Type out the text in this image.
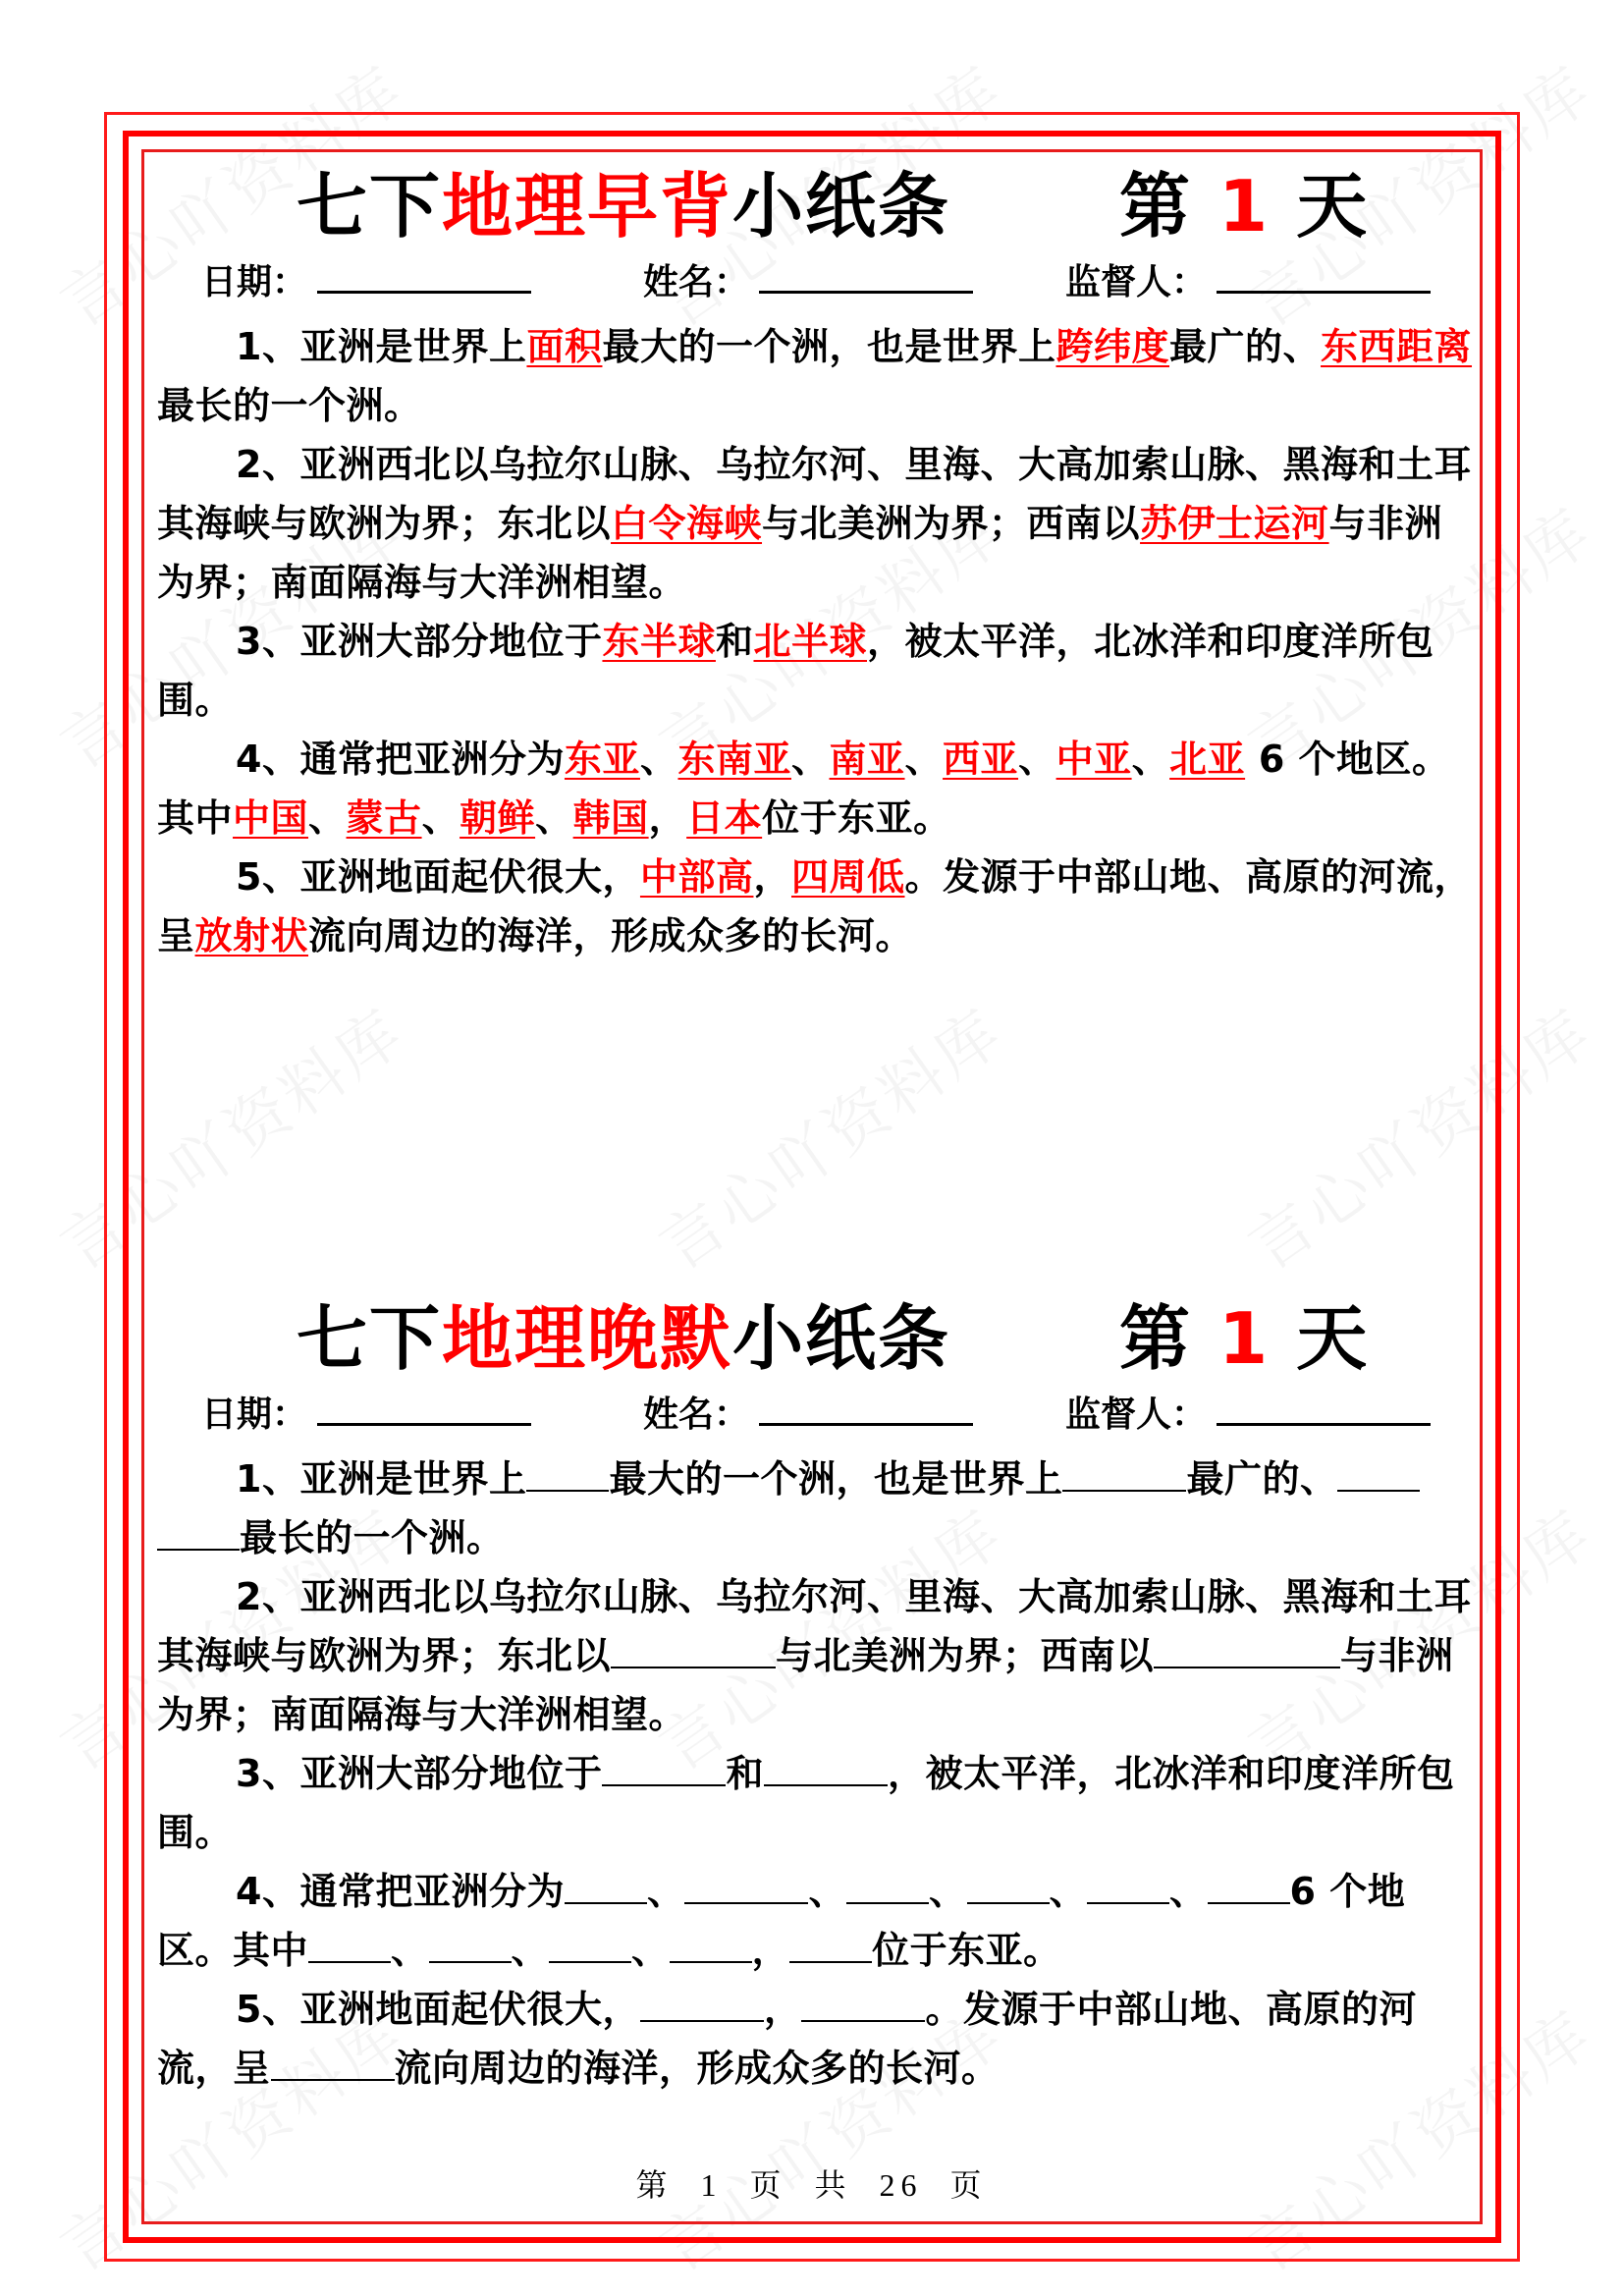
七下地理早背小纸条 第 1 天
日期：	姓名：	监督人：

1、亚洲是世界上面积最大的一个洲，也是世界上跨纬度最广的、东西距离最长的一个洲。

2、亚洲西北以乌拉尔山脉、乌拉尔河、里海、大高加索山脉、黑海和土耳其海峡与欧洲为界；东北以白令海峡与北美洲为界；西南以苏伊士运河与非洲为界；南面隔海与大洋洲相望。

3、亚洲大部分地位于东半球和北半球，被太平洋，北冰洋和印度洋所包围。

4、通常把亚洲分为东亚、东南亚、南亚、西亚、中亚、北亚 6 个地区。其中中国、蒙古、朝鲜、韩国，日本位于东亚。

5、亚洲地面起伏很大，中部高，四周低。发源于中部山地、高原的河流，呈放射状流向周边的海洋，形成众多的长河。

七下地理晚默小纸条 第 1 天
日期：	姓名：	监督人：

1、亚洲是世界上 最大的一个洲，也是世界上	最广的、最长的一个洲。

2、亚洲西北以乌拉尔山脉、乌拉尔河、里海、大高加索山脉、黑海和土耳其海峡与欧洲为界；东北以	与北美洲为界；西南以	与非洲为界；南面隔海与大洋洲相望。

3、亚洲大部分地位于	和	，被太平洋，北冰洋和印度洋所包围。

4、通常把亚洲分为 、	、 、 、 、 6 个地区。其中 、 、 、 ， 位于东亚。

5、亚洲地面起伏很大，	，	。发源于中部山地、高原的河流，呈	流向周边的海洋，形成众多的长河。

第 1 页 共 26 页
